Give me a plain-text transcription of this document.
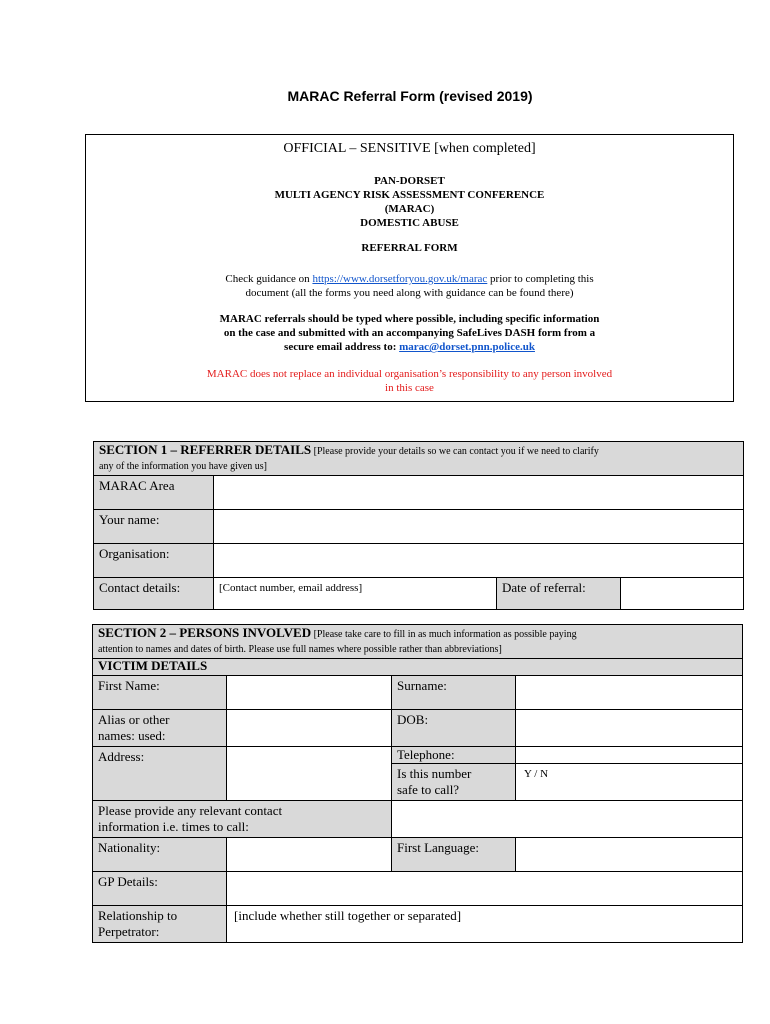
MARAC Referral Form (revised 2019)
OFFICIAL – SENSITIVE [when completed]
PAN-DORSET
MULTI AGENCY RISK ASSESSMENT CONFERENCE
(MARAC)
DOMESTIC ABUSE
REFERRAL FORM
Check guidance on https://www.dorsetforyou.gov.uk/marac prior to completing this
document (all the forms you need along with guidance can be found there)
MARAC referrals should be typed where possible, including specific information
on the case and submitted with an accompanying SafeLives DASH form from a
secure email address to: marac@dorset.pnn.police.uk
MARAC does not replace an individual organisation’s responsibility to any person involved
in this case
SECTION 1 – REFERRER DETAILS [Please provide your details so we can contact you if we need to clarify
any of the information you have given us]			
MARAC Area			
Your name:			
Organisation:			
Contact details:	[Contact number, email address]	Date of referral:	
SECTION 2 – PERSONS INVOLVED [Please take care to fill in as much information as possible paying
attention to names and dates of birth. Please use full names where possible rather than abbreviations]			
VICTIM DETAILS			
First Name:		Surname:	

Alias or other
names: used:		DOB:	
Address:		Telephone:	

		Is this number
safe to call?	Y / N

Please provide any relevant contact
information i.e. times to call:			

Nationality:		First Language:	
GP Details:			

Relationship to
Perpetrator:	[include whether still together or separated]		
